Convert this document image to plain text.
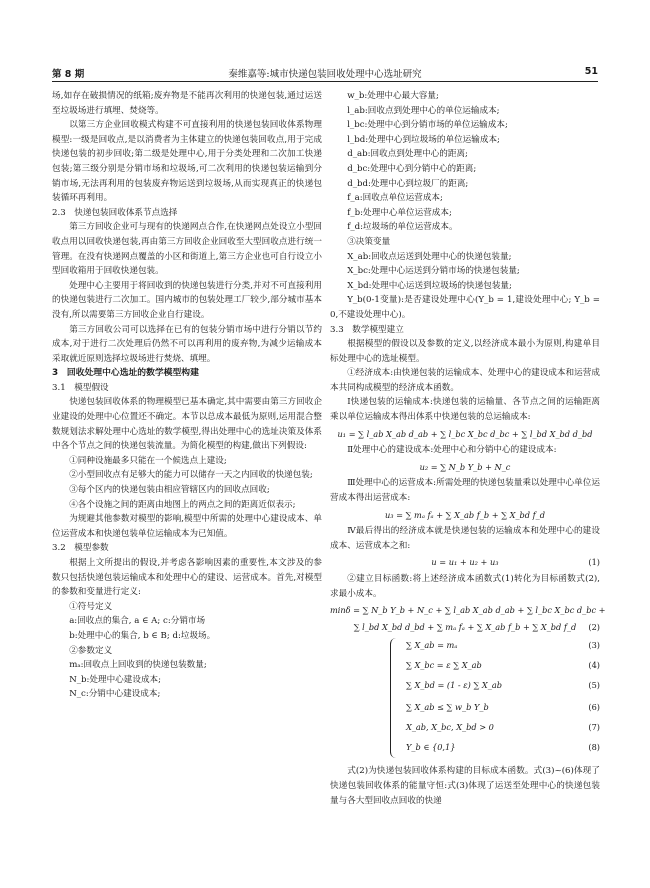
第 8 期	秦维嘉等:城市快递包装回收处理中心选址研究	51

场,如存在破损情况的纸箱;废弃物是不能再次利用的快递包装,通过运送至垃圾场进行填埋、焚烧等。

以第三方企业回收模式构建不可直接利用的快递包装回收体系物理模型:一级是回收点,是以消费者为主体建立的快递包装回收点,用于完成快递包装的初步回收;第二级是处理中心,用于分类处理和二次加工快递包装;第三级分别是分销市场和垃圾场,可二次利用的快递包装运输到分销市场,无法再利用的包装废弃物运送到垃圾场,从而实现真正的快递包装循环再利用。

2.3　快递包装回收体系节点选择

第三方回收企业可与现有的快递网点合作,在快递网点处设立小型回收点用以回收快递包装,再由第三方回收企业回收至大型回收点进行统一管理。在没有快递网点覆盖的小区和街道上,第三方企业也可自行设立小型回收箱用于回收快递包装。

处理中心主要用于将回收到的快递包装进行分类,并对不可直接利用的快递包装进行二次加工。国内城市的包装处理工厂较少,部分城市基本没有,所以需要第三方回收企业自行建设。

第三方回收公司可以选择在已有的包装分销市场中进行分销以节约成本,对于进行二次处理后仍然不可以再利用的废弃物,为减少运输成本采取就近原则选择垃圾场进行焚烧、填埋。

3　回收处理中心选址的数学模型构建

3.1　模型假设

快递包装回收体系的物理模型已基本确定,其中需要由第三方回收企业建设的处理中心位置还不确定。本节以总成本最低为原则,运用混合整数规划法求解处理中心选址的数学模型,得出处理中心的选址决策及体系中各个节点之间的快递包装流量。为简化模型的构建,做出下列假设:

①同种设施最多只能在一个候选点上建设;

②小型回收点有足够大的能力可以储存一天之内回收的快递包装;

③每个区内的快递包装由相应管辖区内的回收点回收;

④各个设施之间的距离由地图上的两点之间的距离近似表示;

为规避其他参数对模型的影响,模型中所需的处理中心建设成本、单位运营成本和快递包装单位运输成本为已知值。

3.2　模型参数

根据上文所提出的假设,并考虑各影响因素的重要性,本文涉及的参数只包括快递包装运输成本和处理中心的建设、运营成本。首先,对模型的参数和变量进行定义:

①符号定义

a:回收点的集合, a ∈ A; c:分销市场

b:处理中心的集合, b ∈ B; d:垃圾场。

②参数定义

mₐ:回收点上回收到的快递包装数量;

N_b:处理中心建设成本;

N_c:分销中心建设成本;

w_b:处理中心最大容量;

l_ab:回收点到处理中心的单位运输成本;

l_bc:处理中心到分销市场的单位运输成本;

l_bd:处理中心到垃圾场的单位运输成本;

d_ab:回收点到处理中心的距离;

d_bc:处理中心到分销中心的距离;

d_bd:处理中心到垃圾厂的距离;

f_a:回收点单位运营成本;

f_b:处理中心单位运营成本;

f_d:垃圾场的单位运营成本。

③决策变量

X_ab:回收点运送到处理中心的快递包装量;

X_bc:处理中心运送到分销市场的快递包装量;

X_bd:处理中心运送到垃圾场的快递包装量;

Y_b(0-1变量):是否建设处理中心(Y_b = 1,建设处理中心; Y_b = 0,不建设处理中心)。

3.3　数学模型建立

根据模型的假设以及参数的定义,以经济成本最小为原则,构建单目标处理中心的选址模型。

①经济成本:由快递包装的运输成本、处理中心的建设成本和运营成本共同构成模型的经济成本函数。

Ⅰ快递包装的运输成本:快递包装的运输量、各节点之间的运输距离乘以单位运输成本得出体系中快递包装的总运输成本:

u₁ = ∑ l_ab X_ab d_ab + ∑ l_bc X_bc d_bc + ∑ l_bd X_bd d_bd

Ⅱ处理中心的建设成本:处理中心和分销中心的建设成本:

u₂ = ∑ N_b Y_b + N_c

Ⅲ处理中心的运营成本:所需处理的快递包装量乘以处理中心单位运营成本得出运营成本:

u₃ = ∑ mₐ fₐ + ∑ X_ab f_b + ∑ X_bd f_d

Ⅳ最后得出的经济成本就是快递包装的运输成本和处理中心的建设成本、运营成本之和:

u = u₁ + u₂ + u₃	(1)

②建立目标函数:将上述经济成本函数式(1)转化为目标函数式(2),求最小成本。

minδ = ∑ N_b Y_b + N_c + ∑ l_ab X_ab d_ab + ∑ l_bc X_bc d_bc +
∑ l_bd X_bd d_bd + ∑ mₐ fₐ + ∑ X_ab f_b + ∑ X_bd f_d (2)
∑ X_ab = mₐ	(3)
∑ X_bc = ε ∑ X_ab	(4)
∑ X_bd = (1 - ε) ∑ X_ab	(5)
∑ X_ab ≤ ∑ w_b Y_b	(6)
X_ab, X_bc, X_bd > 0	(7)
Y_b ∈ {0,1}	(8)

式(2)为快递包装回收体系构建的目标成本函数。式(3)~(6)体现了快递包装回收体系的能量守恒:式(3)体现了运送至处理中心的快递包装量与各大型回收点回收的快递
